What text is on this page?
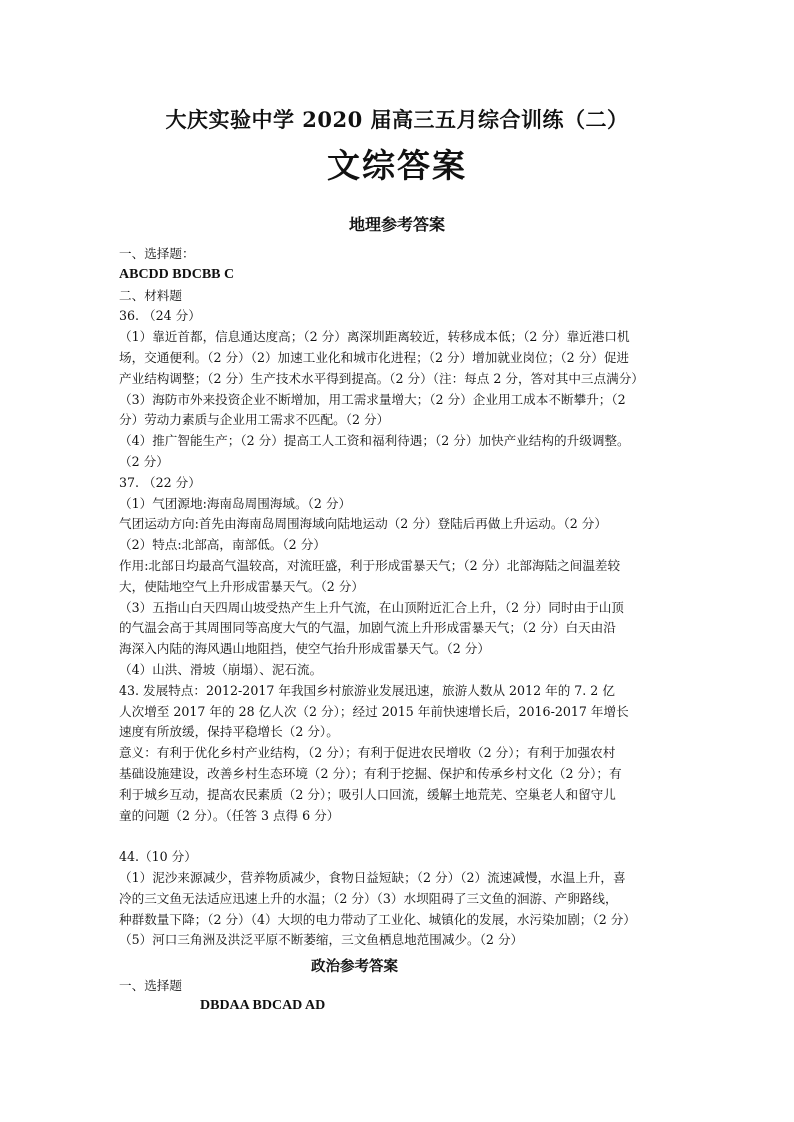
大庆实验中学 2020 届高三五月综合训练（二）
文综答案
地理参考答案

一、选择题：

ABCDD BDCBB C

二、材料题

36. （24 分）

（1）靠近首都，信息通达度高；（2 分）离深圳距离较近，转移成本低；（2 分）靠近港口机

场，交通便利。（2 分）（2）加速工业化和城市化进程；（2 分）增加就业岗位；（2 分）促进

产业结构调整；（2 分）生产技术水平得到提高。（2 分）（注：每点 2 分，答对其中三点满分）

（3）海防市外来投资企业不断增加，用工需求量增大；（2 分）企业用工成本不断攀升；（2

分）劳动力素质与企业用工需求不匹配。（2 分）

（4）推广智能生产；（2 分）提高工人工资和福利待遇；（2 分）加快产业结构的升级调整。

（2 分）

37. （22 分）

（1）气团源地:海南岛周围海域。（2 分）

气团运动方向:首先由海南岛周围海域向陆地运动（2 分）登陆后再做上升运动。（2 分）

（2）特点:北部高，南部低。（2 分）

作用:北部日均最高气温较高，对流旺盛，利于形成雷暴天气；（2 分）北部海陆之间温差较

大，使陆地空气上升形成雷暴天气。（2 分）

（3）五指山白天四周山坡受热产生上升气流，在山顶附近汇合上升，（2 分）同时由于山顶

的气温会高于其周围同等高度大气的气温，加剧气流上升形成雷暴天气；（2 分）白天由沿

海深入内陆的海风遇山地阻挡，使空气抬升形成雷暴天气。（2 分）

（4）山洪、滑坡（崩塌）、泥石流。

43. 发展特点：2012-2017 年我国乡村旅游业发展迅速，旅游人数从 2012 年的 7. 2 亿

人次增至 2017 年的 28 亿人次（2 分）；经过 2015 年前快速增长后，2016-2017 年增长

速度有所放缓，保持平稳增长（2 分）。

意义：有利于优化乡村产业结构，（2 分）；有利于促进农民增收（2 分）；有利于加强农村

基础设施建设，改善乡村生态环境（2 分）；有利于挖掘、保护和传承乡村文化（2 分）；有

利于城乡互动，提高农民素质（2 分）；吸引人口回流，缓解土地荒芜、空巢老人和留守儿

童的问题（2 分）。（任答 3 点得 6 分）

44.（10 分）

（1）泥沙来源减少，营养物质减少，食物日益短缺；（2 分）（2）流速减慢，水温上升，喜

冷的三文鱼无法适应迅速上升的水温；（2 分）（3）水坝阻碍了三文鱼的洄游、产卵路线，

种群数量下降；（2 分）（4）大坝的电力带动了工业化、城镇化的发展，水污染加剧；（2 分）

（5）河口三角洲及洪泛平原不断萎缩，三文鱼栖息地范围减少。（2 分）

政治参考答案

一、选择题

DBDAA BDCAD AD
